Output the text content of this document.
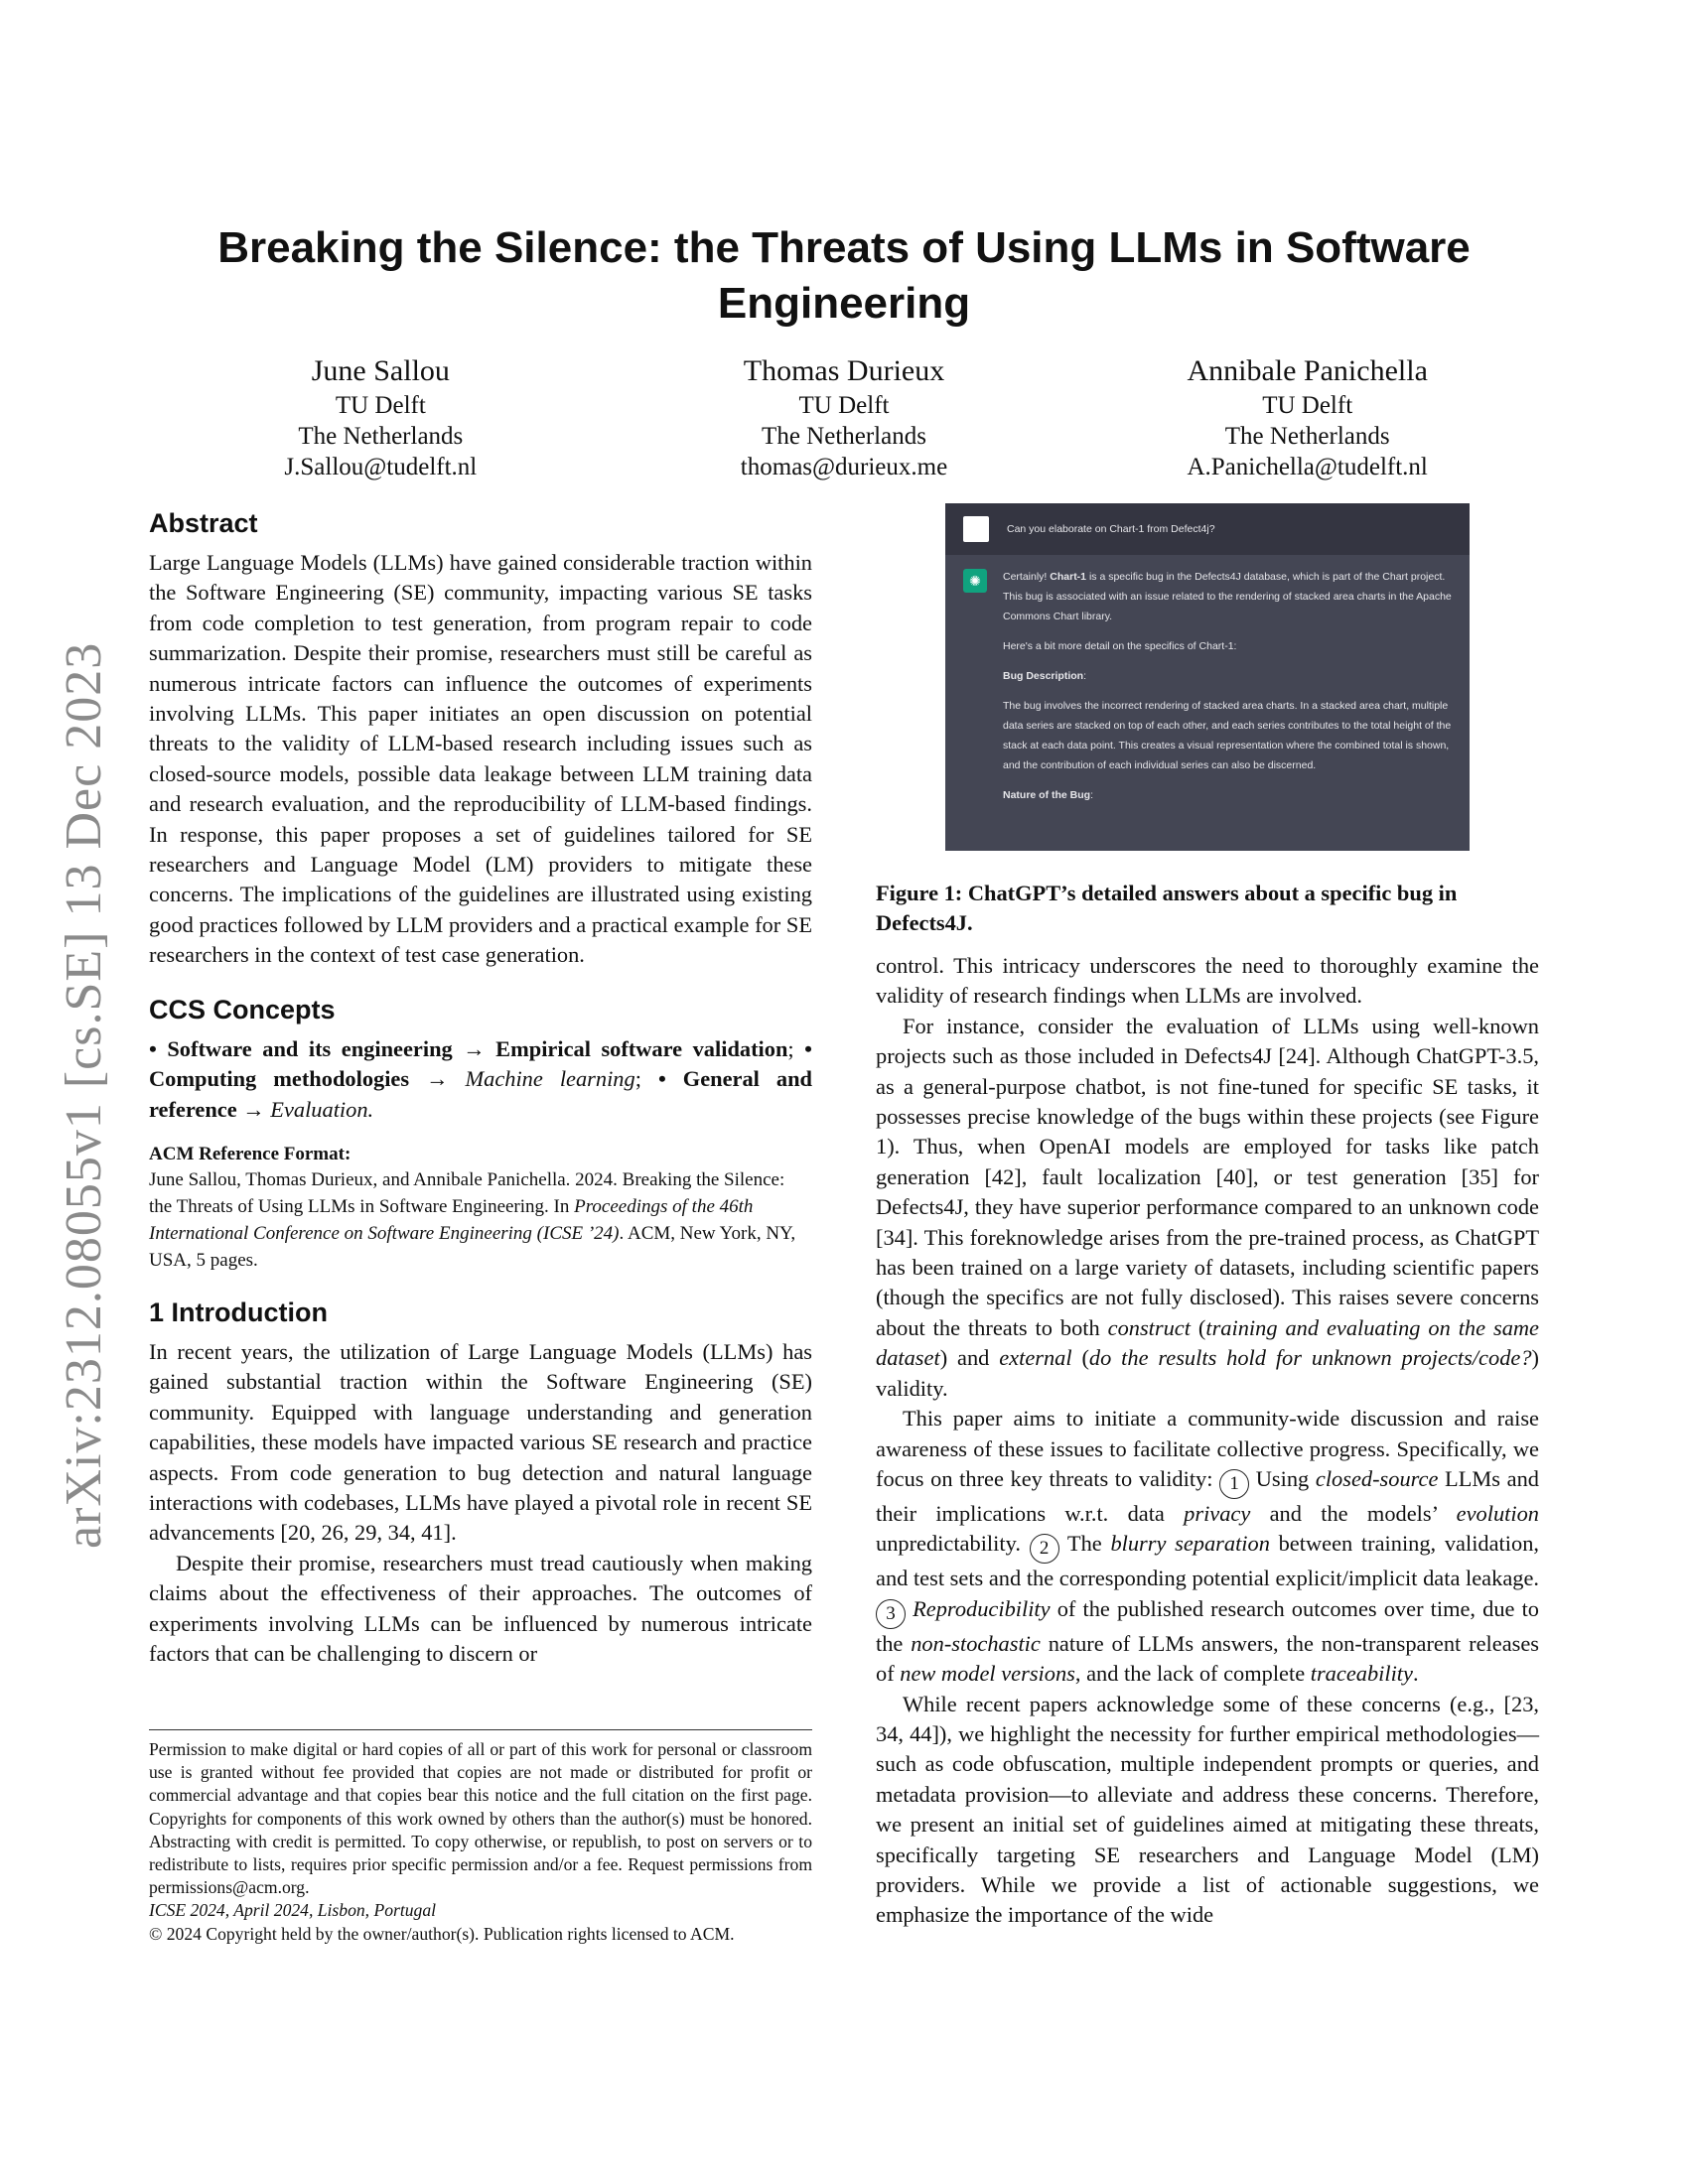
arXiv:2312.08055v1 [cs.SE] 13 Dec 2023
Breaking the Silence: the Threats of Using LLMs in Software Engineering
June Sallou
TU Delft
The Netherlands
J.Sallou@tudelft.nl
Thomas Durieux
TU Delft
The Netherlands
thomas@durieux.me
Annibale Panichella
TU Delft
The Netherlands
A.Panichella@tudelft.nl
Abstract

Large Language Models (LLMs) have gained considerable traction within the Software Engineering (SE) community, impacting various SE tasks from code completion to test generation, from program repair to code summarization. Despite their promise, researchers must still be careful as numerous intricate factors can influence the outcomes of experiments involving LLMs. This paper initiates an open discussion on potential threats to the validity of LLM-based research including issues such as closed-source models, possible data leakage between LLM training data and research evaluation, and the reproducibility of LLM-based findings. In response, this paper proposes a set of guidelines tailored for SE researchers and Language Model (LM) providers to mitigate these concerns. The implications of the guidelines are illustrated using existing good practices followed by LLM providers and a practical example for SE researchers in the context of test case generation.

CCS Concepts

• Software and its engineering → Empirical software validation; • Computing methodologies → Machine learning; • General and reference → Evaluation.

ACM Reference Format:
June Sallou, Thomas Durieux, and Annibale Panichella. 2024. Breaking the Silence: the Threats of Using LLMs in Software Engineering. In Proceedings of the 46th International Conference on Software Engineering (ICSE ’24). ACM, New York, NY, USA, 5 pages.
1 Introduction

In recent years, the utilization of Large Language Models (LLMs) has gained substantial traction within the Software Engineering (SE) community. Equipped with language understanding and generation capabilities, these models have impacted various SE research and practice aspects. From code generation to bug detection and natural language interactions with codebases, LLMs have played a pivotal role in recent SE advancements [20, 26, 29, 34, 41].

Despite their promise, researchers must tread cautiously when making claims about the effectiveness of their approaches. The outcomes of experiments involving LLMs can be influenced by numerous intricate factors that can be challenging to discern or

Permission to make digital or hard copies of all or part of this work for personal or classroom use is granted without fee provided that copies are not made or distributed for profit or commercial advantage and that copies bear this notice and the full citation on the first page. Copyrights for components of this work owned by others than the author(s) must be honored. Abstracting with credit is permitted. To copy otherwise, or republish, to post on servers or to redistribute to lists, requires prior specific permission and/or a fee. Request permissions from permissions@acm.org.
ICSE 2024, April 2024, Lisbon, Portugal
© 2024 Copyright held by the owner/author(s). Publication rights licensed to ACM.
Can you elaborate on Chart-1 from Defect4j?
✺	Certainly! Chart-1 is a specific bug in the Defects4J database, which is part of the Chart project. This bug is associated with an issue related to the rendering of stacked area charts in the Apache Commons Chart library.

Here's a bit more detail on the specifics of Chart-1:

Bug Description:

The bug involves the incorrect rendering of stacked area charts. In a stacked area chart, multiple data series are stacked on top of each other, and each series contributes to the total height of the stack at each data point. This creates a visual representation where the combined total is shown, and the contribution of each individual series can also be discerned.

Nature of the Bug:

Figure 1: ChatGPT’s detailed answers about a specific bug in Defects4J.

control. This intricacy underscores the need to thoroughly examine the validity of research findings when LLMs are involved.

For instance, consider the evaluation of LLMs using well-known projects such as those included in Defects4J [24]. Although ChatGPT-3.5, as a general-purpose chatbot, is not fine-tuned for specific SE tasks, it possesses precise knowledge of the bugs within these projects (see Figure 1). Thus, when OpenAI models are employed for tasks like patch generation [42], fault localization [40], or test generation [35] for Defects4J, they have superior performance compared to an unknown code [34]. This foreknowledge arises from the pre-trained process, as ChatGPT has been trained on a large variety of datasets, including scientific papers (though the specifics are not fully disclosed). This raises severe concerns about the threats to both construct (training and evaluating on the same dataset) and external (do the results hold for unknown projects/code?) validity.

This paper aims to initiate a community-wide discussion and raise awareness of these issues to facilitate collective progress. Specifically, we focus on three key threats to validity: 1 Using closed-source LLMs and their implications w.r.t. data privacy and the models’ evolution unpredictability. 2 The blurry separation between training, validation, and test sets and the corresponding potential explicit/implicit data leakage. 3 Reproducibility of the published research outcomes over time, due to the non-stochastic nature of LLMs answers, the non-transparent releases of new model versions, and the lack of complete traceability.

While recent papers acknowledge some of these concerns (e.g., [23, 34, 44]), we highlight the necessity for further empirical methodologies—such as code obfuscation, multiple independent prompts or queries, and metadata provision—to alleviate and address these concerns. Therefore, we present an initial set of guidelines aimed at mitigating these threats, specifically targeting SE researchers and Language Model (LM) providers. While we provide a list of actionable suggestions, we emphasize the importance of the wide
